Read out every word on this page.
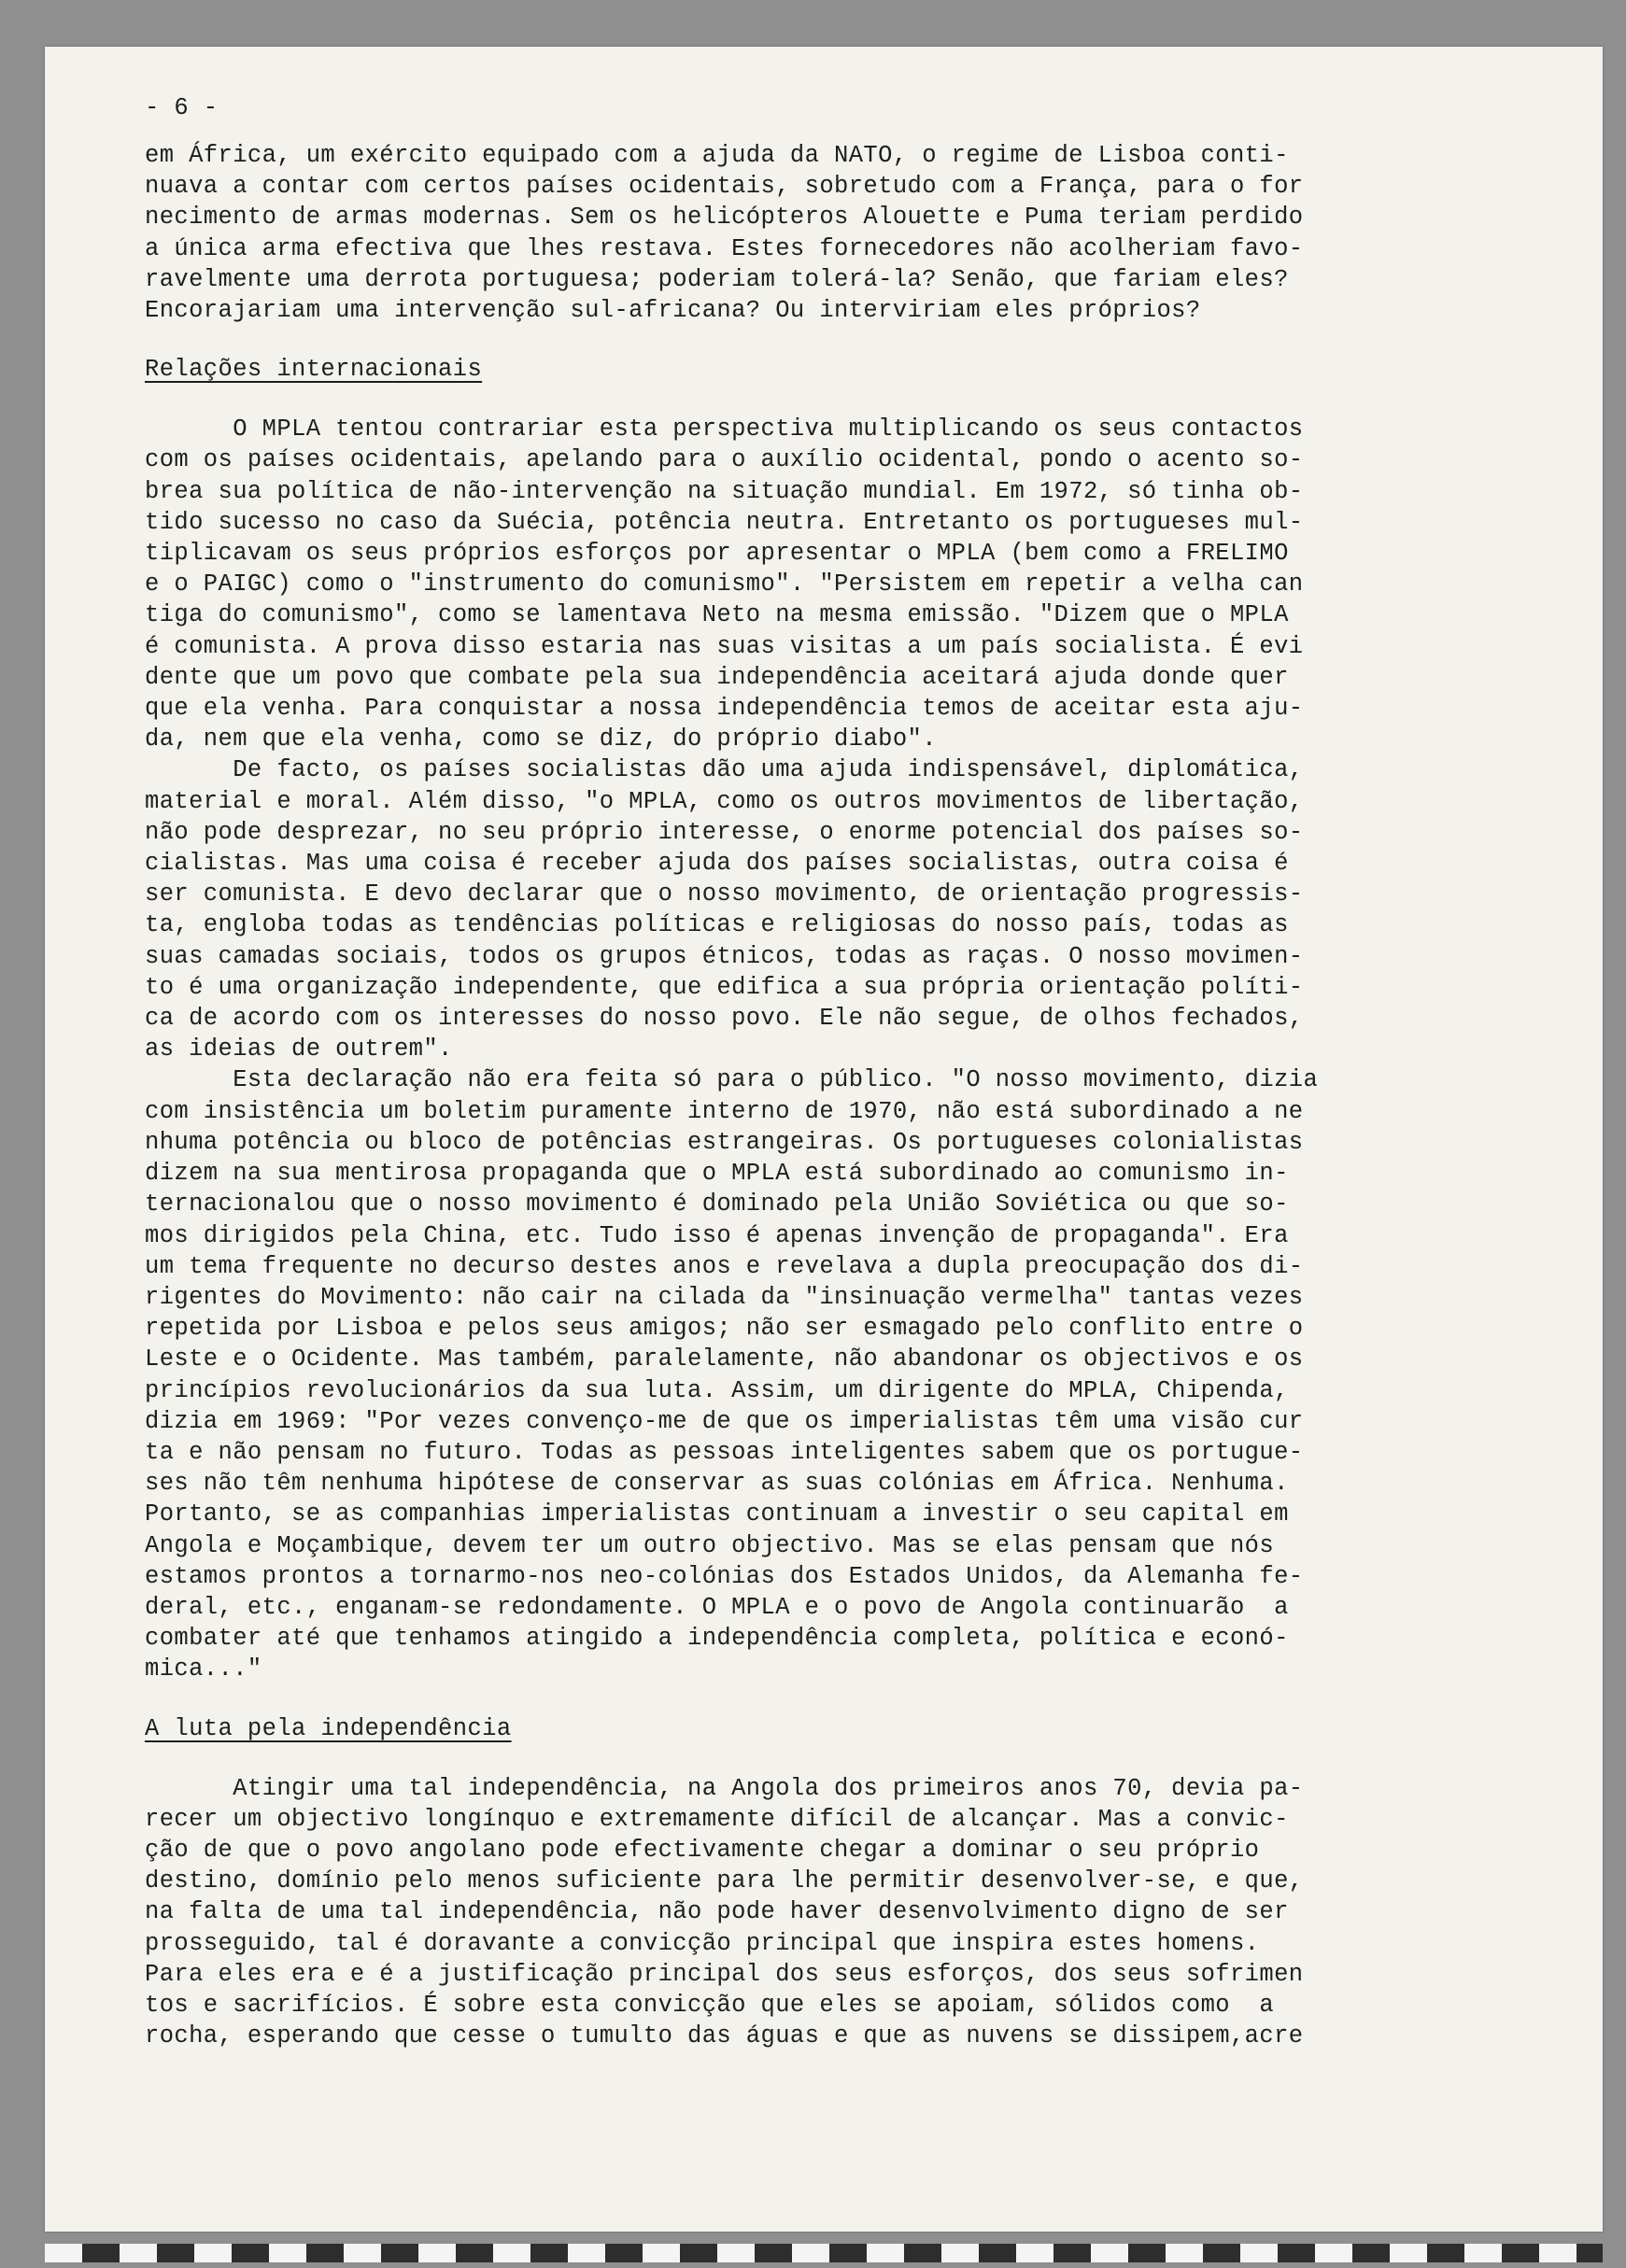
- 6 -
em África, um exército equipado com a ajuda da NATO, o regime de Lisboa conti-
nuava a contar com certos países ocidentais, sobretudo com a França, para o for
necimento de armas modernas. Sem os helicópteros Alouette e Puma teriam perdido
a única arma efectiva que lhes restava. Estes fornecedores não acolheriam favo-
ravelmente uma derrota portuguesa; poderiam tolerá-la? Senão, que fariam eles?
Encorajariam uma intervenção sul-africana? Ou interviriam eles próprios?
Relações internacionais
O MPLA tentou contrariar esta perspectiva multiplicando os seus contactos
com os países ocidentais, apelando para o auxílio ocidental, pondo o acento so-
brea sua política de não-intervenção na situação mundial. Em 1972, só tinha ob-
tido sucesso no caso da Suécia, potência neutra. Entretanto os portugueses mul-
tiplicavam os seus próprios esforços por apresentar o MPLA (bem como a FRELIMO
e o PAIGC) como o "instrumento do comunismo". "Persistem em repetir a velha can
tiga do comunismo", como se lamentava Neto na mesma emissão. "Dizem que o MPLA
é comunista. A prova disso estaria nas suas visitas a um país socialista. É evi
dente que um povo que combate pela sua independência aceitará ajuda donde quer
que ela venha. Para conquistar a nossa independência temos de aceitar esta aju-
da, nem que ela venha, como se diz, do próprio diabo".
De facto, os países socialistas dão uma ajuda indispensável, diplomática,
material e moral. Além disso, "o MPLA, como os outros movimentos de libertação,
não pode desprezar, no seu próprio interesse, o enorme potencial dos países so-
cialistas. Mas uma coisa é receber ajuda dos países socialistas, outra coisa é
ser comunista. E devo declarar que o nosso movimento, de orientação progressis-
ta, engloba todas as tendências políticas e religiosas do nosso país, todas as
suas camadas sociais, todos os grupos étnicos, todas as raças. O nosso movimen-
to é uma organização independente, que edifica a sua própria orientação políti-
ca de acordo com os interesses do nosso povo. Ele não segue, de olhos fechados,
as ideias de outrem".
Esta declaração não era feita só para o público. "O nosso movimento, dizia
com insistência um boletim puramente interno de 1970, não está subordinado a ne
nhuma potência ou bloco de potências estrangeiras. Os portugueses colonialistas
dizem na sua mentirosa propaganda que o MPLA está subordinado ao comunismo in-
ternacionalou que o nosso movimento é dominado pela União Soviética ou que so-
mos dirigidos pela China, etc. Tudo isso é apenas invenção de propaganda". Era
um tema frequente no decurso destes anos e revelava a dupla preocupação dos di-
rigentes do Movimento: não cair na cilada da "insinuação vermelha" tantas vezes
repetida por Lisboa e pelos seus amigos; não ser esmagado pelo conflito entre o
Leste e o Ocidente. Mas também, paralelamente, não abandonar os objectivos e os
princípios revolucionários da sua luta. Assim, um dirigente do MPLA, Chipenda,
dizia em 1969: "Por vezes convenço-me de que os imperialistas têm uma visão cur
ta e não pensam no futuro. Todas as pessoas inteligentes sabem que os portugue-
ses não têm nenhuma hipótese de conservar as suas colónias em África. Nenhuma.
Portanto, se as companhias imperialistas continuam a investir o seu capital em
Angola e Moçambique, devem ter um outro objectivo. Mas se elas pensam que nós
estamos prontos a tornarmo-nos neo-colónias dos Estados Unidos, da Alemanha fe-
deral, etc., enganam-se redondamente. O MPLA e o povo de Angola continuarão  a
combater até que tenhamos atingido a independência completa, política e econó-
mica..."
A luta pela independência
Atingir uma tal independência, na Angola dos primeiros anos 70, devia pa-
recer um objectivo longínquo e extremamente difícil de alcançar. Mas a convic-
ção de que o povo angolano pode efectivamente chegar a dominar o seu próprio
destino, domínio pelo menos suficiente para lhe permitir desenvolver-se, e que,
na falta de uma tal independência, não pode haver desenvolvimento digno de ser
prosseguido, tal é doravante a convicção principal que inspira estes homens.
Para eles era e é a justificação principal dos seus esforços, dos seus sofrimen
tos e sacrifícios. É sobre esta convicção que eles se apoiam, sólidos como  a
rocha, esperando que cesse o tumulto das águas e que as nuvens se dissipem,acre
